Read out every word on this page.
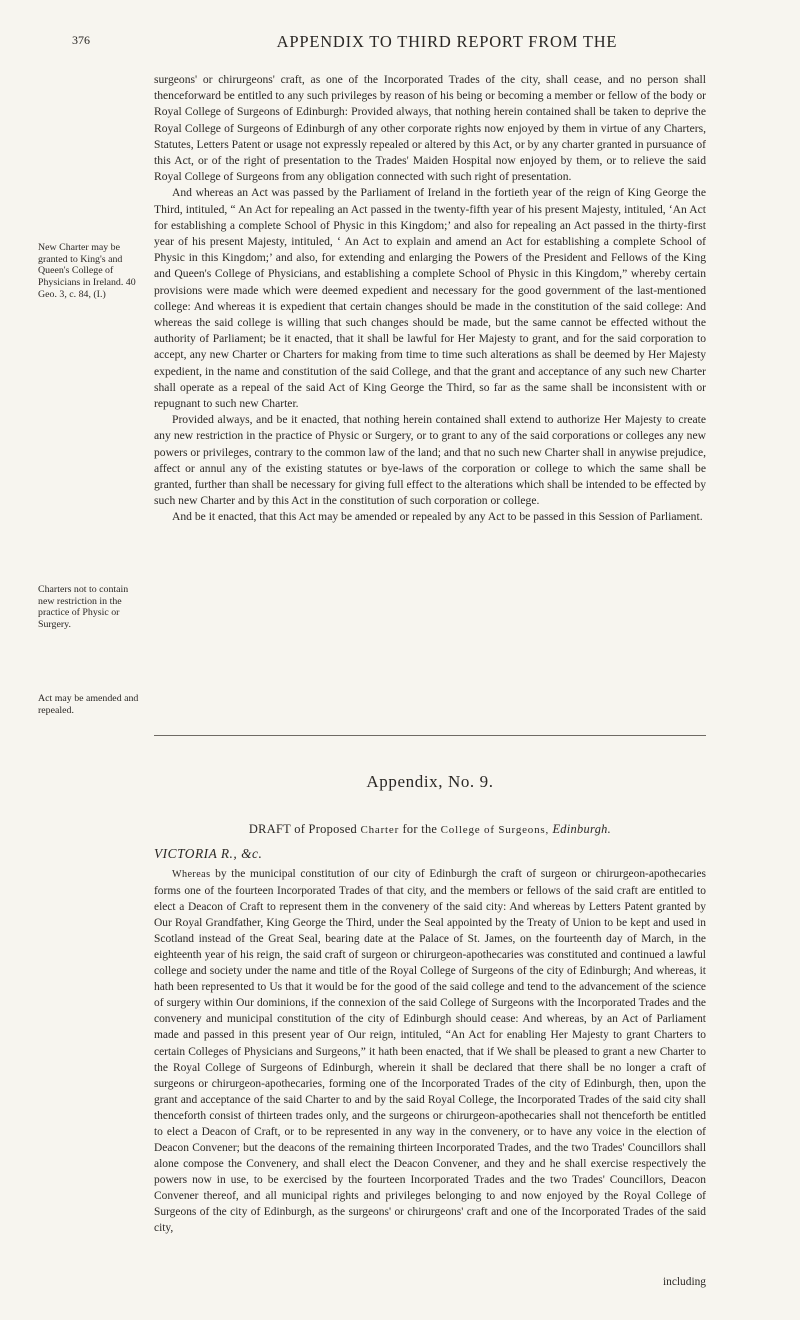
376	APPENDIX TO THIRD REPORT FROM THE
New Charter may be granted to King's and Queen's College of Physicians in Ireland. 40 Geo. 3, c. 84, (I.)
Charters not to contain new restriction in the practice of Physic or Surgery.
Act may be amended and repealed.

surgeons' or chirurgeons' craft, as one of the Incorporated Trades of the city, shall cease, and no person shall thenceforward be entitled to any such privileges by reason of his being or becoming a member or fellow of the body or Royal College of Surgeons of Edinburgh: Provided always, that nothing herein contained shall be taken to deprive the Royal College of Surgeons of Edinburgh of any other corporate rights now enjoyed by them in virtue of any Charters, Statutes, Letters Patent or usage not expressly repealed or altered by this Act, or by any charter granted in pursuance of this Act, or of the right of presentation to the Trades' Maiden Hospital now enjoyed by them, or to relieve the said Royal College of Surgeons from any obligation connected with such right of presentation.

And whereas an Act was passed by the Parliament of Ireland in the fortieth year of the reign of King George the Third, intituled, “ An Act for repealing an Act passed in the twenty-fifth year of his present Majesty, intituled, ‘An Act for establishing a complete School of Physic in this Kingdom;’ and also for repealing an Act passed in the thirty-first year of his present Majesty, intituled, ‘ An Act to explain and amend an Act for establishing a complete School of Physic in this Kingdom;’ and also, for extending and enlarging the Powers of the President and Fellows of the King and Queen's College of Physicians, and establishing a complete School of Physic in this Kingdom,” whereby certain provisions were made which were deemed expedient and necessary for the good government of the last-mentioned college: And whereas it is expedient that certain changes should be made in the constitution of the said college: And whereas the said college is willing that such changes should be made, but the same cannot be effected without the authority of Parliament; be it enacted, that it shall be lawful for Her Majesty to grant, and for the said corporation to accept, any new Charter or Charters for making from time to time such alterations as shall be deemed by Her Majesty expedient, in the name and constitution of the said College, and that the grant and acceptance of any such new Charter shall operate as a repeal of the said Act of King George the Third, so far as the same shall be inconsistent with or repugnant to such new Charter.

Provided always, and be it enacted, that nothing herein contained shall extend to authorize Her Majesty to create any new restriction in the practice of Physic or Surgery, or to grant to any of the said corporations or colleges any new powers or privileges, contrary to the common law of the land; and that no such new Charter shall in anywise prejudice, affect or annul any of the existing statutes or bye-laws of the corporation or college to which the same shall be granted, further than shall be necessary for giving full effect to the alterations which shall be intended to be effected by such new Charter and by this Act in the constitution of such corporation or college.

And be it enacted, that this Act may be amended or repealed by any Act to be passed in this Session of Parliament.

Appendix, No. 9.
DRAFT of Proposed Charter for the College of Surgeons, Edinburgh.
VICTORIA R., &c.

Whereas by the municipal constitution of our city of Edinburgh the craft of surgeon or chirurgeon-apothecaries forms one of the fourteen Incorporated Trades of that city, and the members or fellows of the said craft are entitled to elect a Deacon of Craft to represent them in the convenery of the said city: And whereas by Letters Patent granted by Our Royal Grandfather, King George the Third, under the Seal appointed by the Treaty of Union to be kept and used in Scotland instead of the Great Seal, bearing date at the Palace of St. James, on the fourteenth day of March, in the eighteenth year of his reign, the said craft of surgeon or chirurgeon-apothecaries was constituted and continued a lawful college and society under the name and title of the Royal College of Surgeons of the city of Edinburgh; And whereas, it hath been represented to Us that it would be for the good of the said college and tend to the advancement of the science of surgery within Our dominions, if the connexion of the said College of Surgeons with the Incorporated Trades and the convenery and municipal constitution of the city of Edinburgh should cease: And whereas, by an Act of Parliament made and passed in this present year of Our reign, intituled, “An Act for enabling Her Majesty to grant Charters to certain Colleges of Physicians and Surgeons,” it hath been enacted, that if We shall be pleased to grant a new Charter to the Royal College of Surgeons of Edinburgh, wherein it shall be declared that there shall be no longer a craft of surgeons or chirurgeon-apothecaries, forming one of the Incorporated Trades of the city of Edinburgh, then, upon the grant and acceptance of the said Charter to and by the said Royal College, the Incorporated Trades of the said city shall thenceforth consist of thirteen trades only, and the surgeons or chirurgeon-apothecaries shall not thenceforth be entitled to elect a Deacon of Craft, or to be represented in any way in the convenery, or to have any voice in the election of Deacon Convener; but the deacons of the remaining thirteen Incorporated Trades, and the two Trades' Councillors shall alone compose the Convenery, and shall elect the Deacon Convener, and they and he shall exercise respectively the powers now in use, to be exercised by the fourteen Incorporated Trades and the two Trades' Councillors, Deacon Convener thereof, and all municipal rights and privileges belonging to and now enjoyed by the Royal College of Surgeons of the city of Edinburgh, as the surgeons' or chirurgeons' craft and one of the Incorporated Trades of the said city,

including
